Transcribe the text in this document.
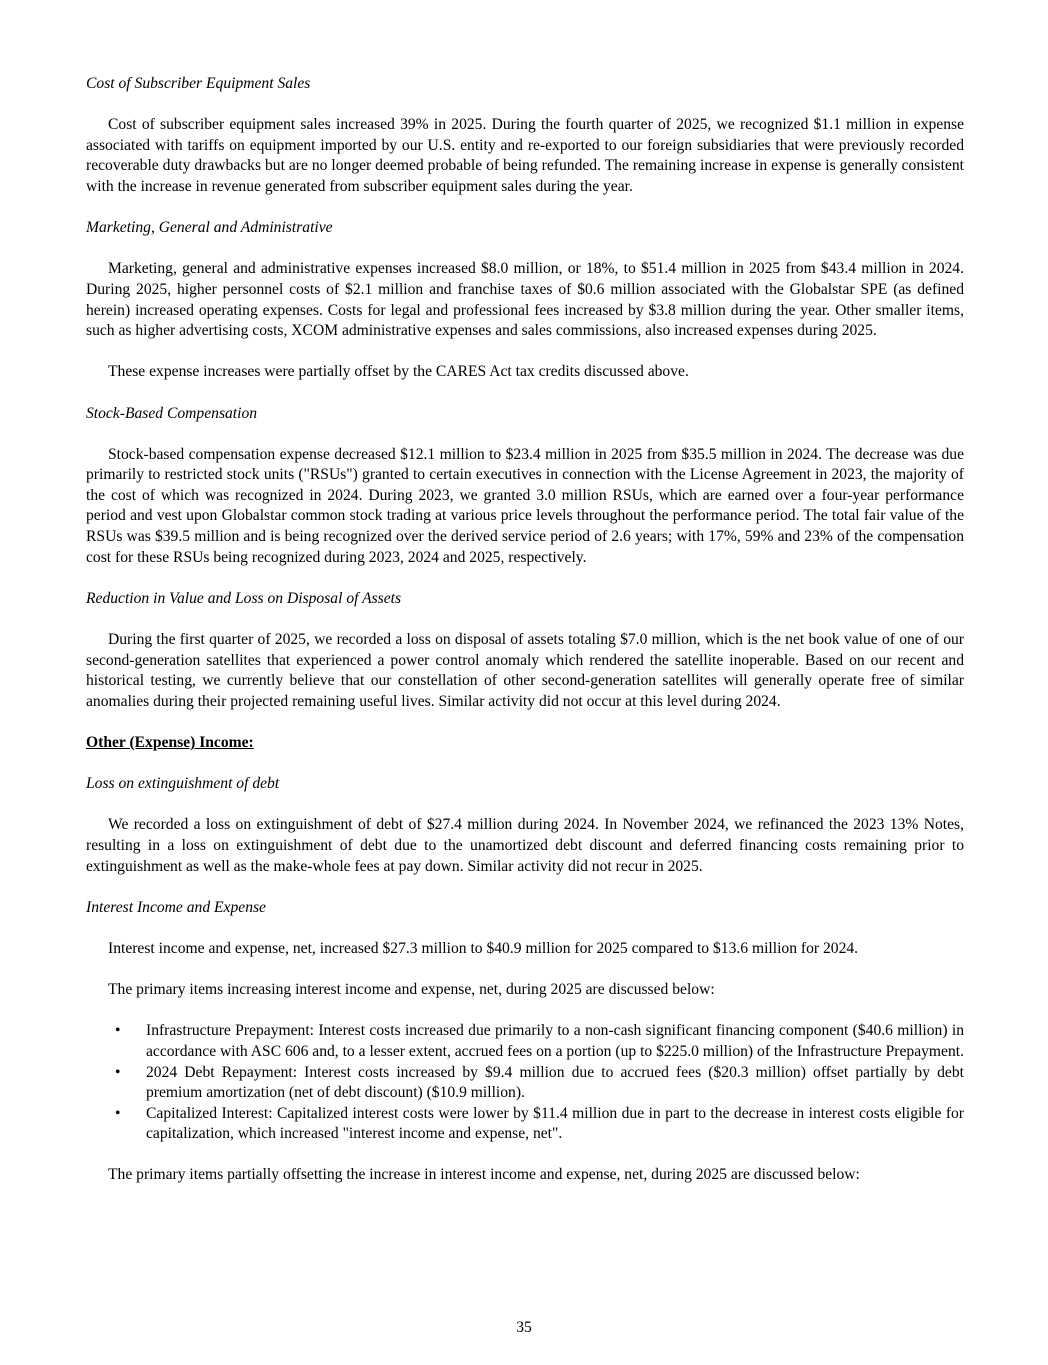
Cost of Subscriber Equipment Sales

Cost of subscriber equipment sales increased 39% in 2025. During the fourth quarter of 2025, we recognized $1.1 million in expense associated with tariffs on equipment imported by our U.S. entity and re-exported to our foreign subsidiaries that were previously recorded recoverable duty drawbacks but are no longer deemed probable of being refunded. The remaining increase in expense is generally consistent with the increase in revenue generated from subscriber equipment sales during the year.

Marketing, General and Administrative

Marketing, general and administrative expenses increased $8.0 million, or 18%, to $51.4 million in 2025 from $43.4 million in 2024. During 2025, higher personnel costs of $2.1 million and franchise taxes of $0.6 million associated with the Globalstar SPE (as defined herein) increased operating expenses. Costs for legal and professional fees increased by $3.8 million during the year. Other smaller items, such as higher advertising costs, XCOM administrative expenses and sales commissions, also increased expenses during 2025.

These expense increases were partially offset by the CARES Act tax credits discussed above.

Stock-Based Compensation

Stock-based compensation expense decreased $12.1 million to $23.4 million in 2025 from $35.5 million in 2024. The decrease was due primarily to restricted stock units ("RSUs") granted to certain executives in connection with the License Agreement in 2023, the majority of the cost of which was recognized in 2024. During 2023, we granted 3.0 million RSUs, which are earned over a four-year performance period and vest upon Globalstar common stock trading at various price levels throughout the performance period. The total fair value of the RSUs was $39.5 million and is being recognized over the derived service period of 2.6 years; with 17%, 59% and 23% of the compensation cost for these RSUs being recognized during 2023, 2024 and 2025, respectively.

Reduction in Value and Loss on Disposal of Assets

During the first quarter of 2025, we recorded a loss on disposal of assets totaling $7.0 million, which is the net book value of one of our second-generation satellites that experienced a power control anomaly which rendered the satellite inoperable. Based on our recent and historical testing, we currently believe that our constellation of other second-generation satellites will generally operate free of similar anomalies during their projected remaining useful lives. Similar activity did not occur at this level during 2024.

Other (Expense) Income:

Loss on extinguishment of debt

We recorded a loss on extinguishment of debt of $27.4 million during 2024. In November 2024, we refinanced the 2023 13% Notes, resulting in a loss on extinguishment of debt due to the unamortized debt discount and deferred financing costs remaining prior to extinguishment as well as the make-whole fees at pay down. Similar activity did not recur in 2025.

Interest Income and Expense

Interest income and expense, net, increased $27.3 million to $40.9 million for 2025 compared to $13.6 million for 2024.

The primary items increasing interest income and expense, net, during 2025 are discussed below:

• Infrastructure Prepayment: Interest costs increased due primarily to a non-cash significant financing component ($40.6 million) in accordance with ASC 606 and, to a lesser extent, accrued fees on a portion (up to $225.0 million) of the Infrastructure Prepayment.
• 2024 Debt Repayment: Interest costs increased by $9.4 million due to accrued fees ($20.3 million) offset partially by debt premium amortization (net of debt discount) ($10.9 million).
• Capitalized Interest: Capitalized interest costs were lower by $11.4 million due in part to the decrease in interest costs eligible for capitalization, which increased "interest income and expense, net".

The primary items partially offsetting the increase in interest income and expense, net, during 2025 are discussed below:

35
